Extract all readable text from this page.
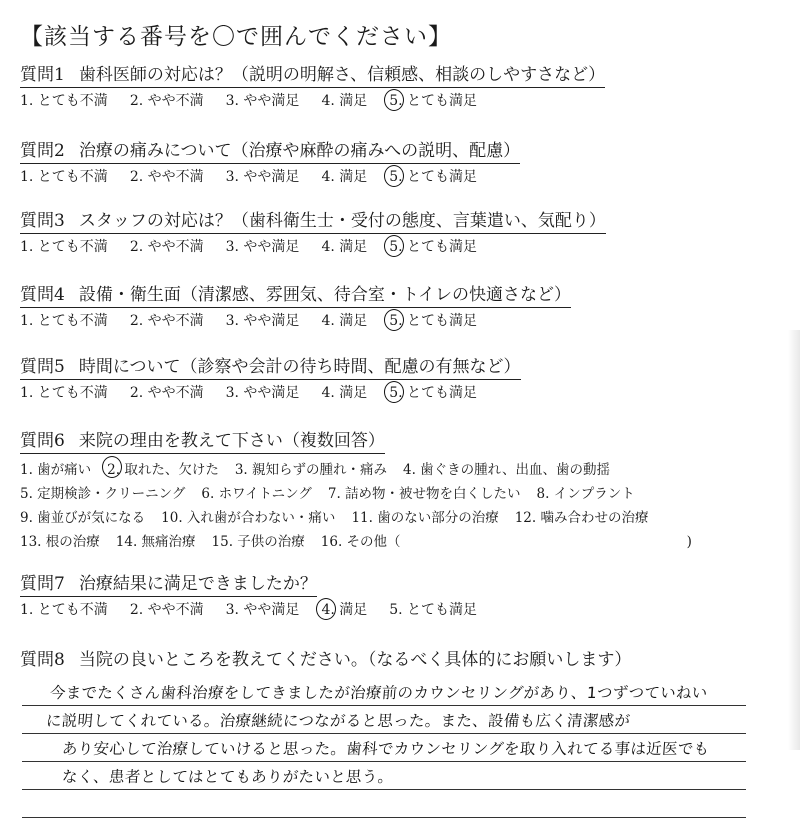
【該当する番号を〇で囲んでください】
質問1 歯科医師の対応は？（説明の明解さ、信頼感、相談のしやすさなど）
1. とても不満 2. やや不満 3. やや満足 4. 満足 5. とても満足
質問2 治療の痛みについて（治療や麻酔の痛みへの説明、配慮）
1. とても不満 2. やや不満 3. やや満足 4. 満足 5. とても満足
質問3 スタッフの対応は？（歯科衛生士・受付の態度、言葉遣い、気配り）
1. とても不満 2. やや不満 3. やや満足 4. 満足 5. とても満足
質問4 設備・衛生面（清潔感、雰囲気、待合室・トイレの快適さなど）
1. とても不満 2. やや不満 3. やや満足 4. 満足 5. とても満足
質問5 時間について（診察や会計の待ち時間、配慮の有無など）
1. とても不満 2. やや不満 3. やや満足 4. 満足 5. とても満足
質問6 来院の理由を教えて下さい（複数回答）
1. 歯が痛い 2. 取れた、欠けた 3. 親知らずの腫れ・痛み 4. 歯ぐきの腫れ、出血、歯の動揺
5. 定期検診・クリーニング 6. ホワイトニング 7. 詰め物・被せ物を白くしたい 8. インプラント
9. 歯並びが気になる 10. 入れ歯が合わない・痛い 11. 歯のない部分の治療 12. 噛み合わせの治療
13. 根の治療 14. 無痛治療 15. 子供の治療 16. その他（	)
質問7 治療結果に満足できましたか？
1. とても不満 2. やや不満 3. やや満足 4. 満足 5. とても満足
質問8 当院の良いところを教えてください。（なるべく具体的にお願いします）
今までたくさん歯科治療をしてきましたが治療前のカウンセリングがあり、1つずつていねい
に説明してくれている。治療継続につながると思った。また、設備も広く清潔感が
あり安心して治療していけると思った。歯科でカウンセリングを取り入れてる事は近医でも
なく、患者としてはとてもありがたいと思う。
